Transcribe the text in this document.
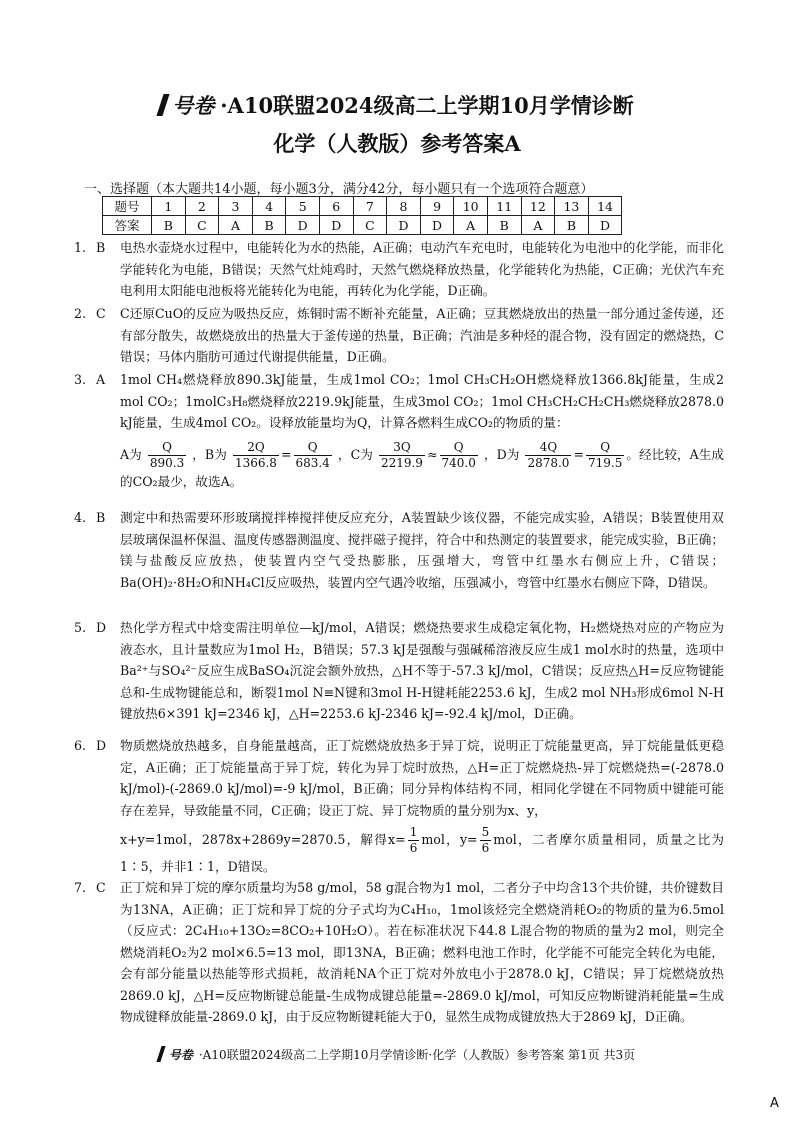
号卷 ·A10联盟2024级高二上学期10月学情诊断
化学（人教版）参考答案A
一、选择题（本大题共14小题，每小题3分，满分42分，每小题只有一个选项符合题意）
题号	1	2	3	4	5	6	7	8	9	10	11	12	13	14
答案	B	C	A	B	D	D	C	D	D	A	B	A	B	D
1. B 电热水壶烧水过程中，电能转化为水的热能，A正确；电动汽车充电时，电能转化为电池中的化学能，而非化学能转化为电能，B错误；天然气灶炖鸡时，天然气燃烧释放热量，化学能转化为热能，C正确；光伏汽车充电利用太阳能电池板将光能转化为电能，再转化为化学能，D正确。
2. C C还原CuO的反应为吸热反应，炼铜时需不断补充能量，A正确；豆萁燃烧放出的热量一部分通过釜传递，还有部分散失，故燃烧放出的热量大于釜传递的热量，B正确；汽油是多种烃的混合物，没有固定的燃烧热，C错误；马体内脂肪可通过代谢提供能量，D正确。
3. A 1mol CH₄燃烧释放890.3kJ能量，生成1mol CO₂；1mol CH₃CH₂OH燃烧释放1366.8kJ能量，生成2 mol CO₂；1molC₃H₈燃烧释放2219.9kJ能量，生成3mol CO₂；1mol CH₃CH₂CH₂CH₃燃烧释放2878.0 kJ能量，生成4mol CO₂。设释放能量均为Q，计算各燃料生成CO₂的物质的量：
A为 $\frac{Q}{890.3}$ ，B为 $\frac{2Q}{1366.8} = \frac{Q}{683.4}$ ，C为 $\frac{3Q}{2219.9} \approx \frac{Q}{740.0}$ ，D为 $\frac{4Q}{2878.0} = \frac{Q}{719.5}$ 。经比较，A生成的CO₂最少，故选A。
4. B 测定中和热需要环形玻璃搅拌棒搅拌使反应充分，A装置缺少该仪器，不能完成实验，A错误；B装置使用双层玻璃保温杯保温、温度传感器测温度、搅拌磁子搅拌，符合中和热测定的装置要求，能完成实验，B正确；镁与盐酸反应放热，使装置内空气受热膨胀，压强增大，弯管中红墨水右侧应上升，C错误；Ba(OH)₂·8H₂O和NH₄Cl反应吸热，装置内空气遇冷收缩，压强减小，弯管中红墨水右侧应下降，D错误。
5. D 热化学方程式中焓变需注明单位—kJ/mol，A错误；燃烧热要求生成稳定氧化物，H₂燃烧热对应的产物应为液态水，且计量数应为1mol H₂，B错误；57.3 kJ是强酸与强碱稀溶液反应生成1 mol水时的热量，选项中Ba²⁺与SO₄²⁻反应生成BaSO₄沉淀会额外放热，△H不等于-57.3 kJ/mol，C错误；反应热△H=反应物键能总和-生成物键能总和，断裂1mol N≡N键和3mol H-H键耗能2253.6 kJ，生成2 mol NH₃形成6mol N-H键放热6×391 kJ=2346 kJ，△H=2253.6 kJ-2346 kJ=-92.4 kJ/mol，D正确。
6. D 物质燃烧放热越多，自身能量越高，正丁烷燃烧放热多于异丁烷，说明正丁烷能量更高，异丁烷能量低更稳定，A正确；正丁烷能量高于异丁烷，转化为异丁烷时放热，△H=正丁烷燃烧热-异丁烷燃烧热=(-2878.0 kJ/mol)-(-2869.0 kJ/mol)=-9 kJ/mol，B正确；同分异构体结构不同，相同化学键在不同物质中键能可能存在差异，导致能量不同，C正确；设正丁烷、异丁烷物质的量分别为x、y，
x+y=1mol，2878x+2869y=2870.5，解得$x= \frac{1}{6}$ mol，$y= \frac{5}{6}$ mol，二者摩尔质量相同，质量之比为1∶5，并非1∶1，D错误。
7. C 正丁烷和异丁烷的摩尔质量均为58 g/mol，58 g混合物为1 mol，二者分子中均含13个共价键，共价键数目为13NA，A正确；正丁烷和异丁烷的分子式均为C₄H₁₀，1mol该烃完全燃烧消耗O₂的物质的量为6.5mol（反应式：2C₄H₁₀+13O₂=8CO₂+10H₂O）。若在标准状况下44.8 L混合物的物质的量为2 mol，则完全燃烧消耗O₂为2 mol×6.5=13 mol，即13NA，B正确；燃料电池工作时，化学能不可能完全转化为电能，会有部分能量以热能等形式损耗，故消耗NA个正丁烷对外放电小于2878.0 kJ，C错误；异丁烷燃烧放热2869.0 kJ，△H=反应物断键总能量-生成物成键总能量=-2869.0 kJ/mol，可知反应物断键消耗能量=生成物成键释放能量-2869.0 kJ，由于反应物断键耗能大于0，显然生成物成键放热大于2869 kJ，D正确。
号卷 ·A10联盟2024级高二上学期10月学情诊断·化学（人教版）参考答案 第1页 共3页
A
